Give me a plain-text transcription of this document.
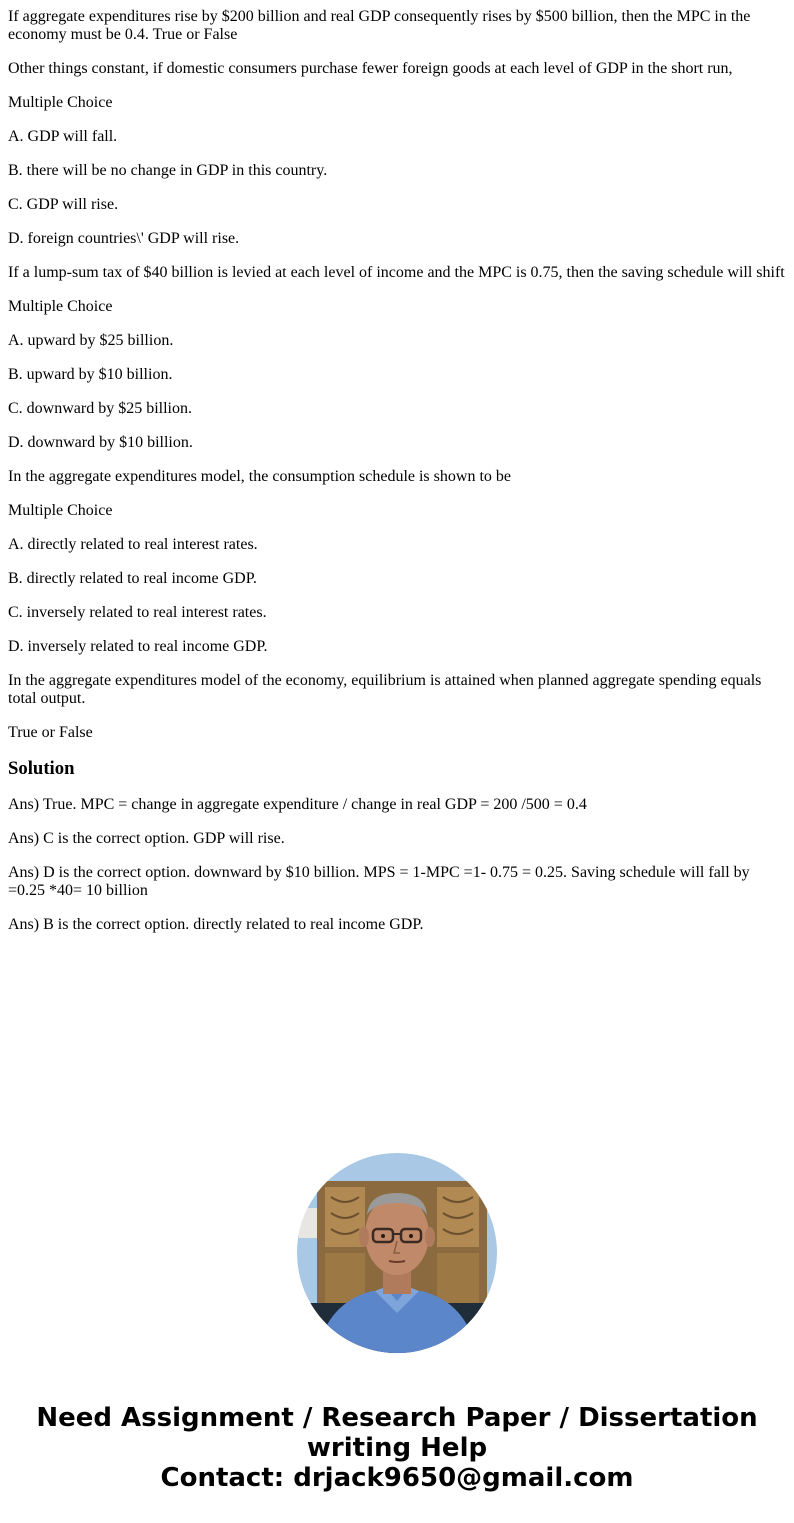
If aggregate expenditures rise by $200 billion and real GDP consequently rises by $500 billion, then the MPC in the economy must be 0.4. True or False

Other things constant, if domestic consumers purchase fewer foreign goods at each level of GDP in the short run,

Multiple Choice

A. GDP will fall.

B. there will be no change in GDP in this country.

C. GDP will rise.

D. foreign countries\' GDP will rise.

If a lump-sum tax of $40 billion is levied at each level of income and the MPC is 0.75, then the saving schedule will shift

Multiple Choice

A. upward by $25 billion.

B. upward by $10 billion.

C. downward by $25 billion.

D. downward by $10 billion.

In the aggregate expenditures model, the consumption schedule is shown to be

Multiple Choice

A. directly related to real interest rates.

B. directly related to real income GDP.

C. inversely related to real interest rates.

D. inversely related to real income GDP.

In the aggregate expenditures model of the economy, equilibrium is attained when planned aggregate spending equals total output.

True or False

Solution

Ans) True. MPC = change in aggregate expenditure / change in real GDP = 200 /500 = 0.4

Ans) C is the correct option. GDP will rise.

Ans) D is the correct option. downward by $10 billion. MPS = 1-MPC =1- 0.75 = 0.25. Saving schedule will fall by =0.25 *40= 10 billion

Ans) B is the correct option. directly related to real income GDP.

Need Assignment / Research Paper / Dissertation
writing Help
Contact: drjack9650@gmail.com
